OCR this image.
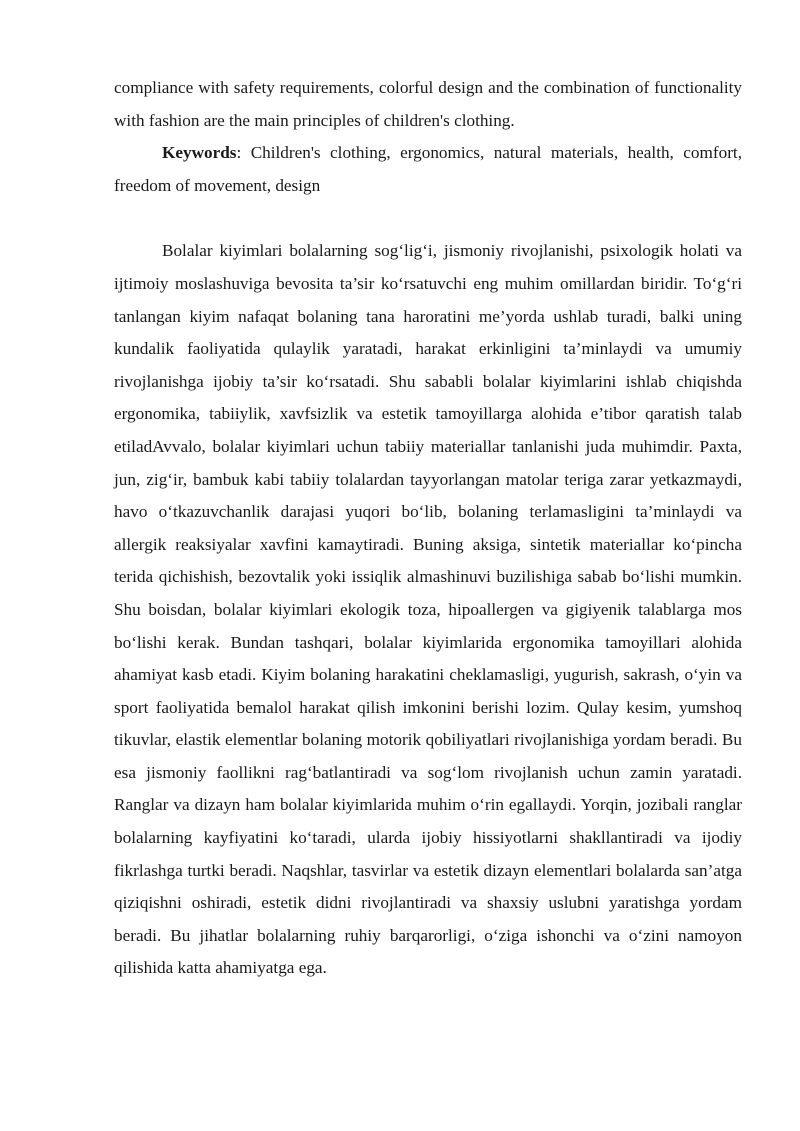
compliance with safety requirements, colorful design and the combination of functionality with fashion are the main principles of children's clothing.

Keywords: Children's clothing, ergonomics, natural materials, health, comfort, freedom of movement, design

Bolalar kiyimlari bolalarning sog‘lig‘i, jismoniy rivojlanishi, psixologik holati va ijtimoiy moslashuviga bevosita ta’sir ko‘rsatuvchi eng muhim omillardan biridir. To‘g‘ri tanlangan kiyim nafaqat bolaning tana haroratini me’yorda ushlab turadi, balki uning kundalik faoliyatida qulaylik yaratadi, harakat erkinligini ta’minlaydi va umumiy rivojlanishga ijobiy ta’sir ko‘rsatadi. Shu sababli bolalar kiyimlarini ishlab chiqishda ergonomika, tabiiylik, xavfsizlik va estetik tamoyillarga alohida e’tibor qaratish talab etiladAvvalo, bolalar kiyimlari uchun tabiiy materiallar tanlanishi juda muhimdir. Paxta, jun, zig‘ir, bambuk kabi tabiiy tolalardan tayyorlangan matolar teriga zarar yetkazmaydi, havo o‘tkazuvchanlik darajasi yuqori bo‘lib, bolaning terlamasligini ta’minlaydi va allergik reaksiyalar xavfini kamaytiradi. Buning aksiga, sintetik materiallar ko‘pincha terida qichishish, bezovtalik yoki issiqlik almashinuvi buzilishiga sabab bo‘lishi mumkin. Shu boisdan, bolalar kiyimlari ekologik toza, hipoallergen va gigiyenik talablarga mos bo‘lishi kerak. Bundan tashqari, bolalar kiyimlarida ergonomika tamoyillari alohida ahamiyat kasb etadi. Kiyim bolaning harakatini cheklamasligi, yugurish, sakrash, o‘yin va sport faoliyatida bemalol harakat qilish imkonini berishi lozim. Qulay kesim, yumshoq tikuvlar, elastik elementlar bolaning motorik qobiliyatlari rivojlanishiga yordam beradi. Bu esa jismoniy faollikni rag‘batlantiradi va sog‘lom rivojlanish uchun zamin yaratadi. Ranglar va dizayn ham bolalar kiyimlarida muhim o‘rin egallaydi. Yorqin, jozibali ranglar bolalarning kayfiyatini ko‘taradi, ularda ijobiy hissiyotlarni shakllantiradi va ijodiy fikrlashga turtki beradi. Naqshlar, tasvirlar va estetik dizayn elementlari bolalarda san’atga qiziqishni oshiradi, estetik didni rivojlantiradi va shaxsiy uslubni yaratishga yordam beradi. Bu jihatlar bolalarning ruhiy barqarorligi, o‘ziga ishonchi va o‘zini namoyon qilishida katta ahamiyatga ega.
